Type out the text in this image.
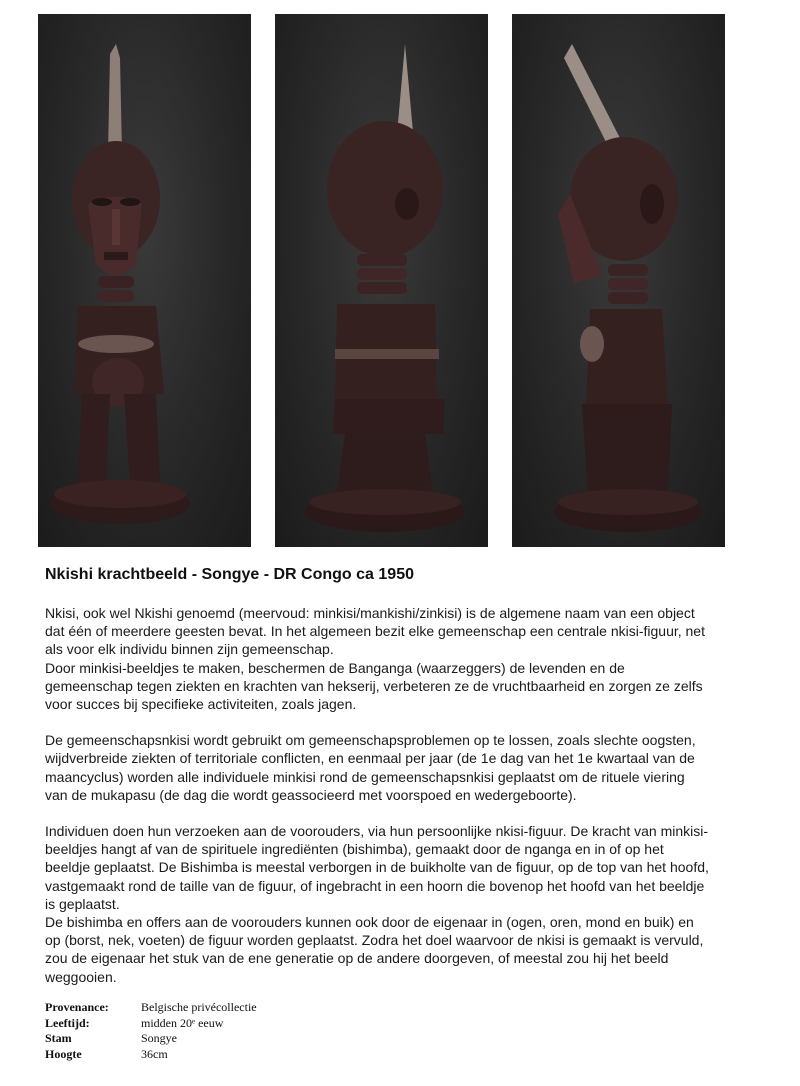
Nkishi krachtbeeld - Songye - DR Congo ca 1950

Nkisi, ook wel Nkishi genoemd (meervoud: minkisi/mankishi/zinkisi) is de algemene naam van een object
dat één of meerdere geesten bevat. In het algemeen bezit elke gemeenschap een centrale nkisi-figuur, net
als voor elk individu binnen zijn gemeenschap.
Door minkisi-beeldjes te maken, beschermen de Banganga (waarzeggers) de levenden en de
gemeenschap tegen ziekten en krachten van hekserij, verbeteren ze de vruchtbaarheid en zorgen ze zelfs
voor succes bij specifieke activiteiten, zoals jagen.

De gemeenschapsnkisi wordt gebruikt om gemeenschapsproblemen op te lossen, zoals slechte oogsten,
wijdverbreide ziekten of territoriale conflicten, en eenmaal per jaar (de 1e dag van het 1e kwartaal van de
maancyclus) worden alle individuele minkisi rond de gemeenschapsnkisi geplaatst om de rituele viering
van de mukapasu (de dag die wordt geassocieerd met voorspoed en wedergeboorte).

Individuen doen hun verzoeken aan de voorouders, via hun persoonlijke nkisi-figuur. De kracht van minkisi-
beeldjes hangt af van de spirituele ingrediënten (bishimba), gemaakt door de nganga en in of op het
beeldje geplaatst. De Bishimba is meestal verborgen in de buikholte van de figuur, op de top van het hoofd,
vastgemaakt rond de taille van de figuur, of ingebracht in een hoorn die bovenop het hoofd van het beeldje
is geplaatst.
De bishimba en offers aan de voorouders kunnen ook door de eigenaar in (ogen, oren, mond en buik) en
op (borst, nek, voeten) de figuur worden geplaatst. Zodra het doel waarvoor de nkisi is gemaakt is vervuld,
zou de eigenaar het stuk van de ene generatie op de andere doorgeven, of meestal zou hij het beeld
weggooien.

Provenance:	Belgische privécollectie
Leeftijd:	midden 20ᵉ eeuw
Stam	Songye
Hoogte	36cm
